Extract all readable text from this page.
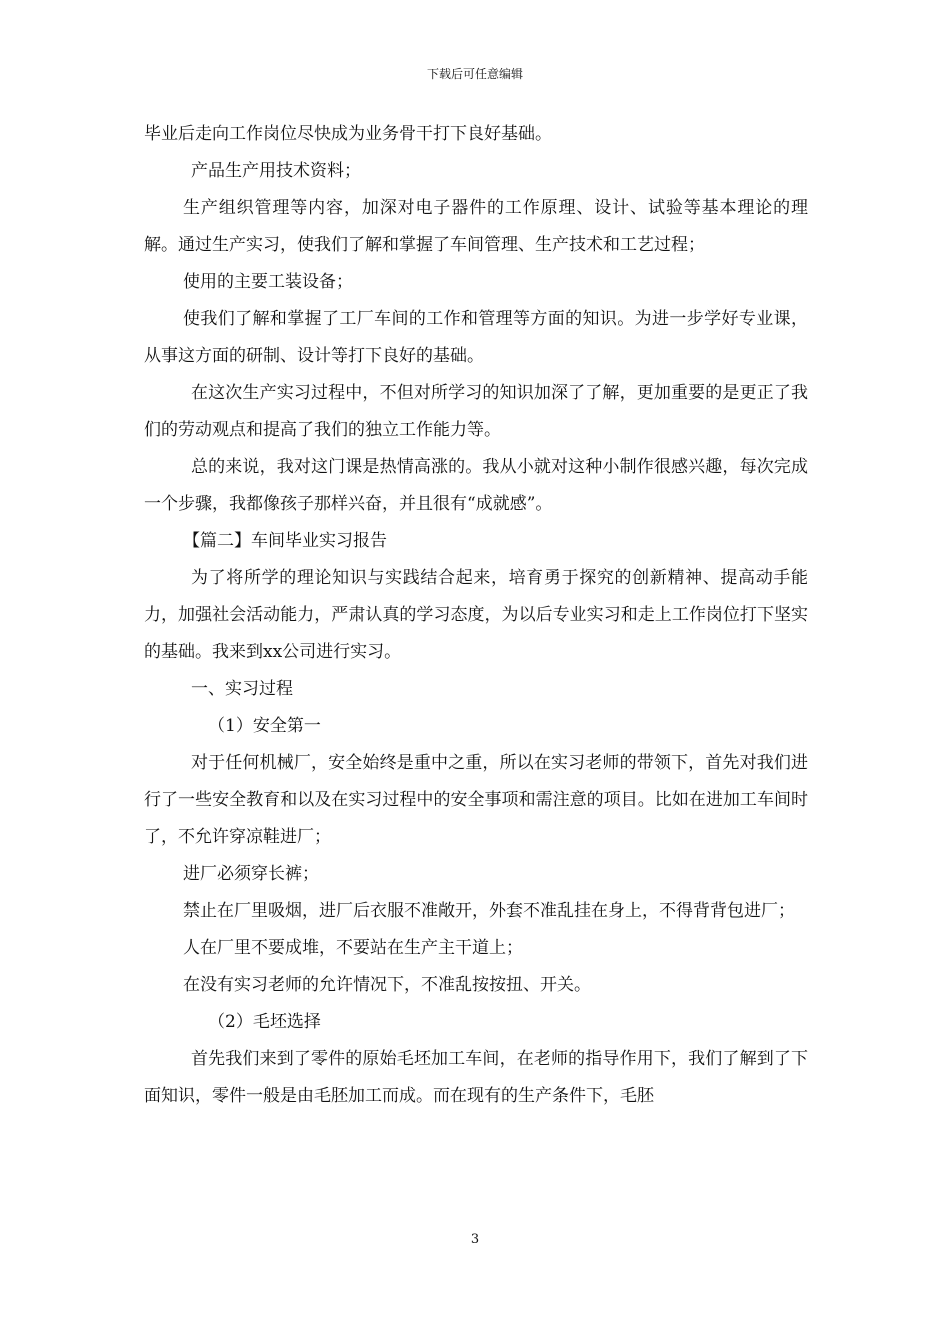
下载后可任意编辑

毕业后走向工作岗位尽快成为业务骨干打下良好基础。

产品生产用技术资料；

生产组织管理等内容，加深对电子器件的工作原理、设计、试验等基本理论的理解。通过生产实习，使我们了解和掌握了车间管理、生产技术和工艺过程；

使用的主要工装设备；

使我们了解和掌握了工厂车间的工作和管理等方面的知识。为进一步学好专业课，从事这方面的研制、设计等打下良好的基础。

在这次生产实习过程中，不但对所学习的知识加深了了解，更加重要的是更正了我们的劳动观点和提高了我们的独立工作能力等。

总的来说，我对这门课是热情高涨的。我从小就对这种小制作很感兴趣，每次完成一个步骤，我都像孩子那样兴奋，并且很有“成就感”。

【篇二】车间毕业实习报告

为了将所学的理论知识与实践结合起来，培育勇于探究的创新精神、提高动手能力，加强社会活动能力，严肃认真的学习态度，为以后专业实习和走上工作岗位打下坚实的基础。我来到xx公司进行实习。

一、实习过程

（1）安全第一

对于任何机械厂，安全始终是重中之重，所以在实习老师的带领下，首先对我们进行了一些安全教育和以及在实习过程中的安全事项和需注意的项目。比如在进加工车间时了，不允许穿凉鞋进厂；

进厂必须穿长裤；

禁止在厂里吸烟，进厂后衣服不准敞开，外套不准乱挂在身上，不得背背包进厂；

人在厂里不要成堆，不要站在生产主干道上；

在没有实习老师的允许情况下，不准乱按按扭、开关。

（2）毛坯选择

首先我们来到了零件的原始毛坯加工车间，在老师的指导作用下，我们了解到了下面知识，零件一般是由毛胚加工而成。而在现有的生产条件下，毛胚

3
